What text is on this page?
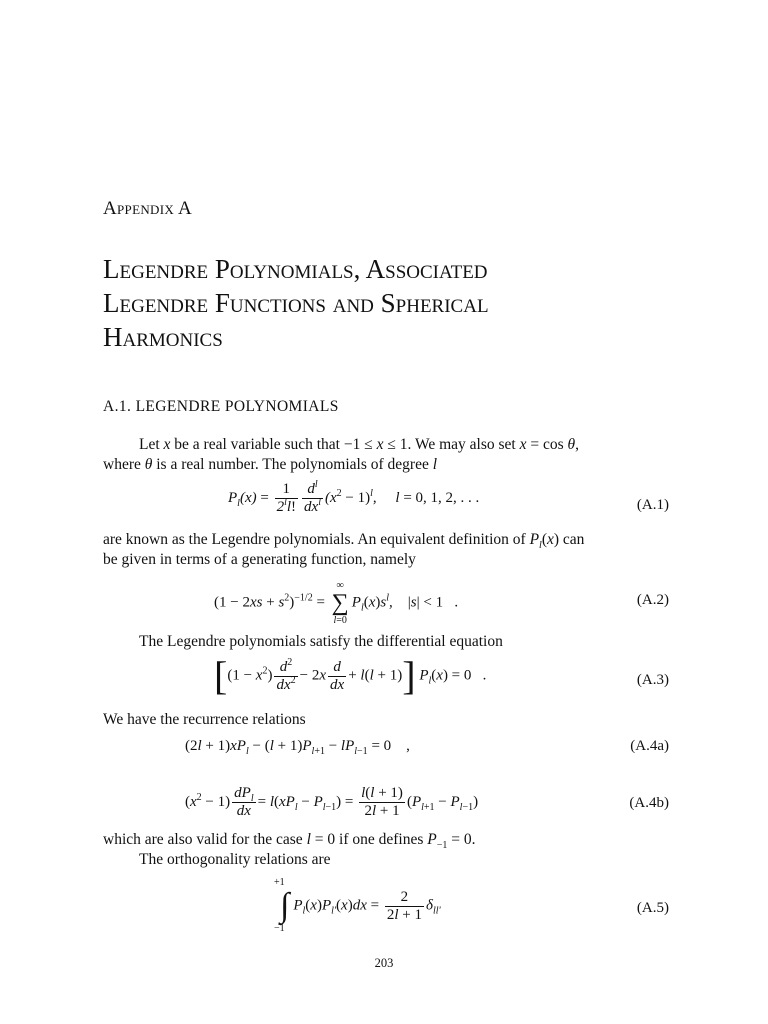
Appendix A
Legendre Polynomials, Associated
Legendre Functions and Spherical
Harmonics
A.1. LEGENDRE POLYNOMIALS
Let x be a real variable such that −1 ≤ x ≤ 1. We may also set x = cos θ,
where θ is a real number. The polynomials of degree l
$P_l(x) = \frac{1}{2^ll!} \frac{d^l}{dx^l} (x^2 - 1)^l$,     l = 0, 1, 2, . . .	(A.1)
are known as the Legendre polynomials. An equivalent definition of $P_l(x)$ can
be given in terms of a generating function, namely
$(1 - 2xs + s^2)^{-1/2}$ =
∞
∑
l=0
$P_l(x)s^l$, |s| < 1   .	(A.2)
The Legendre polynomials satisfy the differential equation
$[(1 - x^2) \frac{d^2}{dx^2} - 2x \frac{d}{dx} + l(l + 1)]$ $P_l(x) = 0$   .	(A.3)
We have the recurrence relations
$(2l + 1)xP_l - (l + 1)P_{l+1} - lP_{l-1} = 0$    ,	(A.4a)
$(x^2 - 1) \frac{dP_l}{dx} = l(xP_l - P_{l-1}) = \frac{l(l + 1)}{2l + 1} (P_{l+1} - P_{l-1})$	(A.4b)
which are also valid for the case l = 0 if one defines $P_{-1} = 0$.
The orthogonality relations are
+1
∫
−1
$P_l(x)P_{l'}(x)dx = \frac{2}{2l + 1} \delta_{ll'}$	(A.5)
203
